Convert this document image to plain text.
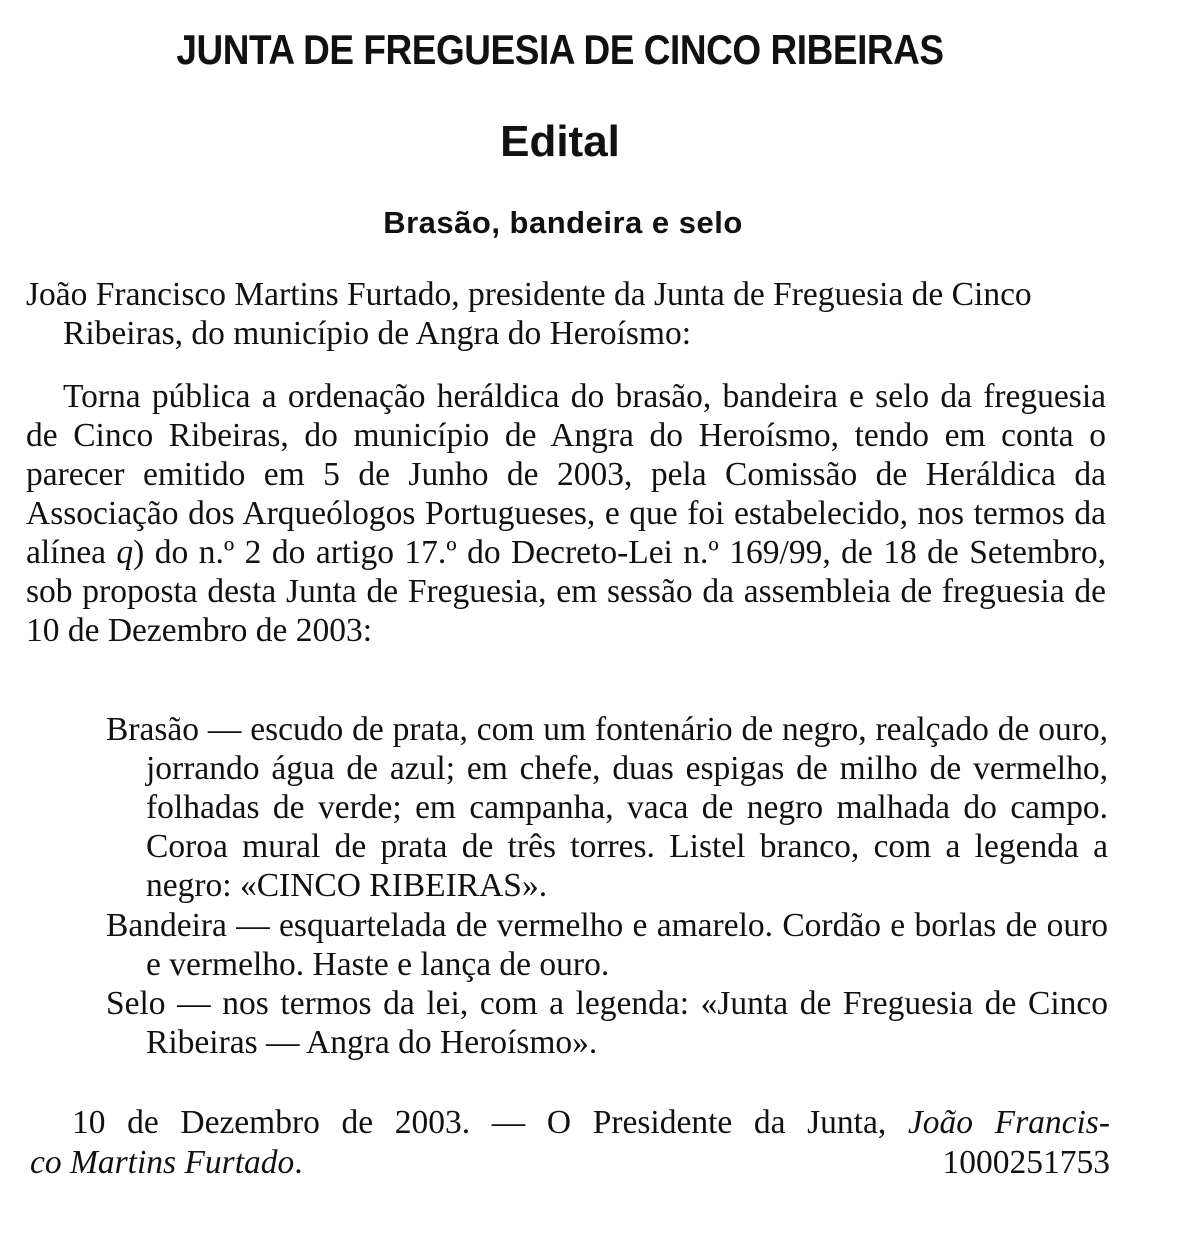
JUNTA DE FREGUESIA DE CINCO RIBEIRAS
Edital
Brasão, bandeira e selo
João Francisco Martins Furtado, presidente da Junta de Freguesia de Cinco Ribeiras, do município de Angra do Heroísmo:
Torna pública a ordenação heráldica do brasão, bandeira e selo da freguesia de Cinco Ribeiras, do município de Angra do Heroísmo, tendo em conta o parecer emitido em 5 de Junho de 2003, pela Comissão de Heráldica da Associação dos Arqueólogos Portugueses, e que foi estabelecido, nos termos da alínea q) do n.º 2 do artigo 17.º do Decreto-Lei n.º 169/99, de 18 de Setembro, sob proposta desta Junta de Freguesia, em sessão da assembleia de freguesia de 10 de Dezembro de 2003:
Brasão — escudo de prata, com um fontenário de negro, realçado de ouro, jorrando água de azul; em chefe, duas espigas de milho de vermelho, folhadas de verde; em campanha, vaca de negro malhada do campo. Coroa mural de prata de três torres. Listel branco, com a legenda a negro: «CINCO RIBEIRAS».
Bandeira — esquartelada de vermelho e amarelo. Cordão e borlas de ouro e vermelho. Haste e lança de ouro.
Selo — nos termos da lei, com a legenda: «Junta de Freguesia de Cinco Ribeiras — Angra do Heroísmo».
10 de Dezembro de 2003. — O Presidente da Junta, João Francis-
co Martins Furtado.	1000251753
